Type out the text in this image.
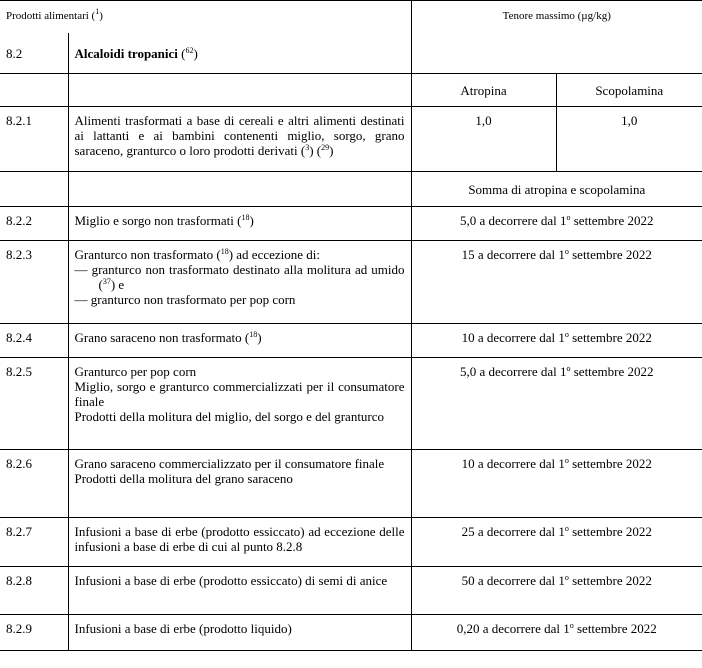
Prodotti alimentari ($^1$)		Tenore massimo (µg/kg)	
8.2	Alcaloidi tropanici ($^{62}$)		
		Atropina	Scopolamina
8.2.1	Alimenti trasformati a base di cereali e altri alimenti destinati ai lattanti e ai bambini contenenti miglio, sorgo, grano saraceno, granturco o loro prodotti derivati ($^3$) ($^{29}$)	1,0	1,0
		Somma di atropina e scopolamina	
8.2.2	Miglio e sorgo non trasformati ($^{18}$)	5,0 a decorrere dal 1$^o$ settembre 2022	
8.2.3	Granturco non trasformato ($^{18}$) ad eccezione di:
— granturco non trasformato destinato alla molitura ad umido ($^{37}$) e
— granturco non trasformato per pop corn	15 a decorrere dal 1$^o$ settembre 2022	
8.2.4	Grano saraceno non trasformato ($^{18}$)	10 a decorrere dal 1$^o$ settembre 2022	
8.2.5	Granturco per pop corn
Miglio, sorgo e granturco commercializzati per il consumatore finale
Prodotti della molitura del miglio, del sorgo e del granturco	5,0 a decorrere dal 1$^o$ settembre 2022	
8.2.6	Grano saraceno commercializzato per il consumatore finale
Prodotti della molitura del grano saraceno	10 a decorrere dal 1$^o$ settembre 2022	
8.2.7	Infusioni a base di erbe (prodotto essiccato) ad eccezione delle infusioni a base di erbe di cui al punto 8.2.8	25 a decorrere dal 1$^o$ settembre 2022	
8.2.8	Infusioni a base di erbe (prodotto essiccato) di semi di anice	50 a decorrere dal 1$^o$ settembre 2022	
8.2.9	Infusioni a base di erbe (prodotto liquido)	0,20 a decorrere dal 1$^o$ settembre 2022	
